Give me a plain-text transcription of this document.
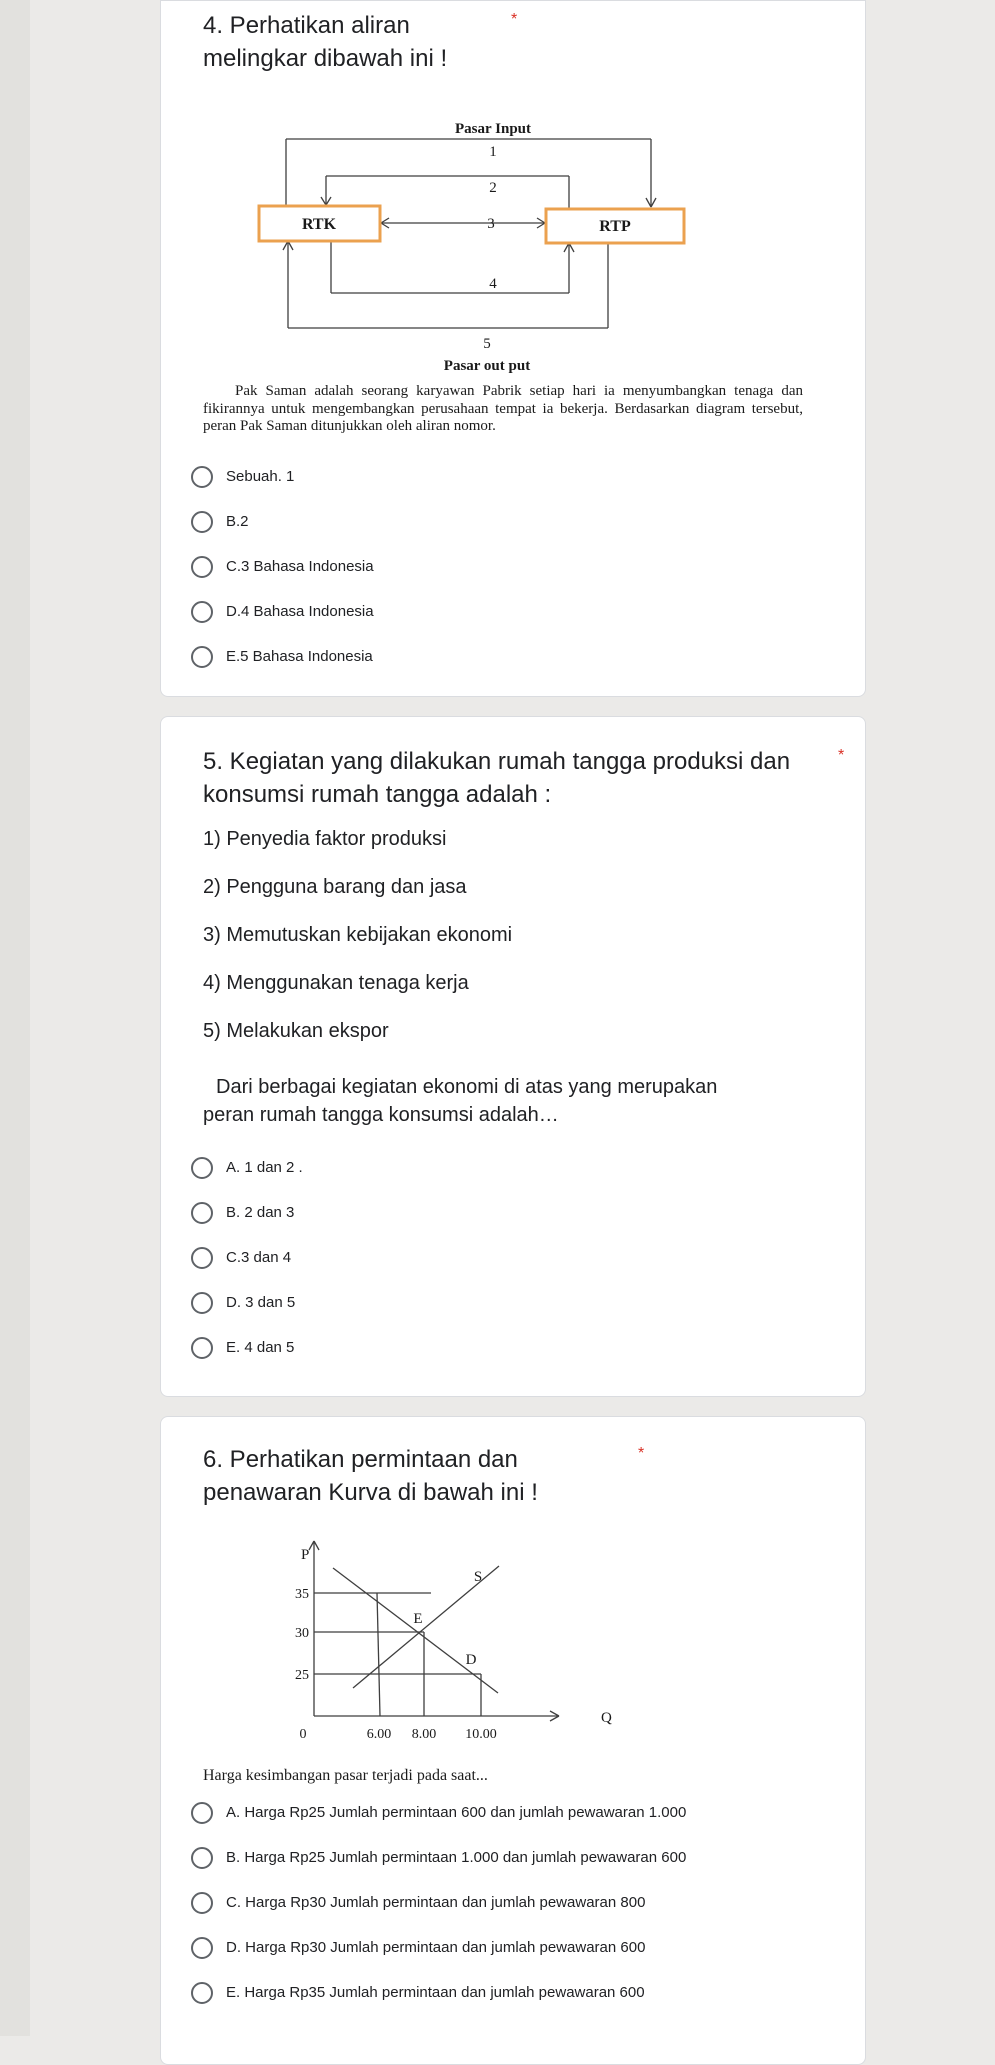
4. Perhatikan aliran melingkar dibawah ini !
*
Pasar Input
1
2
3
4
5
Pasar out put
RTK	RTP
Pak Saman adalah seorang karyawan Pabrik setiap hari ia menyumbangkan tenaga dan fikirannya untuk mengembangkan perusahaan tempat ia bekerja. Berdasarkan diagram tersebut, peran Pak Saman ditunjukkan oleh aliran nomor.
Sebuah. 1
B.2
C.3 Bahasa Indonesia
D.4 Bahasa Indonesia
E.5 Bahasa Indonesia
5. Kegiatan yang dilakukan rumah tangga produksi dan konsumsi rumah tangga adalah :
*
1) Penyedia faktor produksi
2) Pengguna barang dan jasa
3) Memutuskan kebijakan ekonomi
4) Menggunakan tenaga kerja
5) Melakukan ekspor
Dari berbagai kegiatan ekonomi di atas yang merupakan peran rumah tangga konsumsi adalah…
A. 1 dan 2 .
B. 2 dan 3
C.3 dan 4
D. 3 dan 5
E. 4 dan 5
6. Perhatikan permintaan dan penawaran Kurva di bawah ini !
*
P
Q
35
30
25
0	6.00 8.00 10.00
E
S
D
Harga kesimbangan pasar terjadi pada saat...
A. Harga Rp25 Jumlah permintaan 600 dan jumlah pewawaran 1.000
B. Harga Rp25 Jumlah permintaan 1.000 dan jumlah pewawaran 600
C. Harga Rp30 Jumlah permintaan dan jumlah pewawaran 800
D. Harga Rp30 Jumlah permintaan dan jumlah pewawaran 600
E. Harga Rp35 Jumlah permintaan dan jumlah pewawaran 600
